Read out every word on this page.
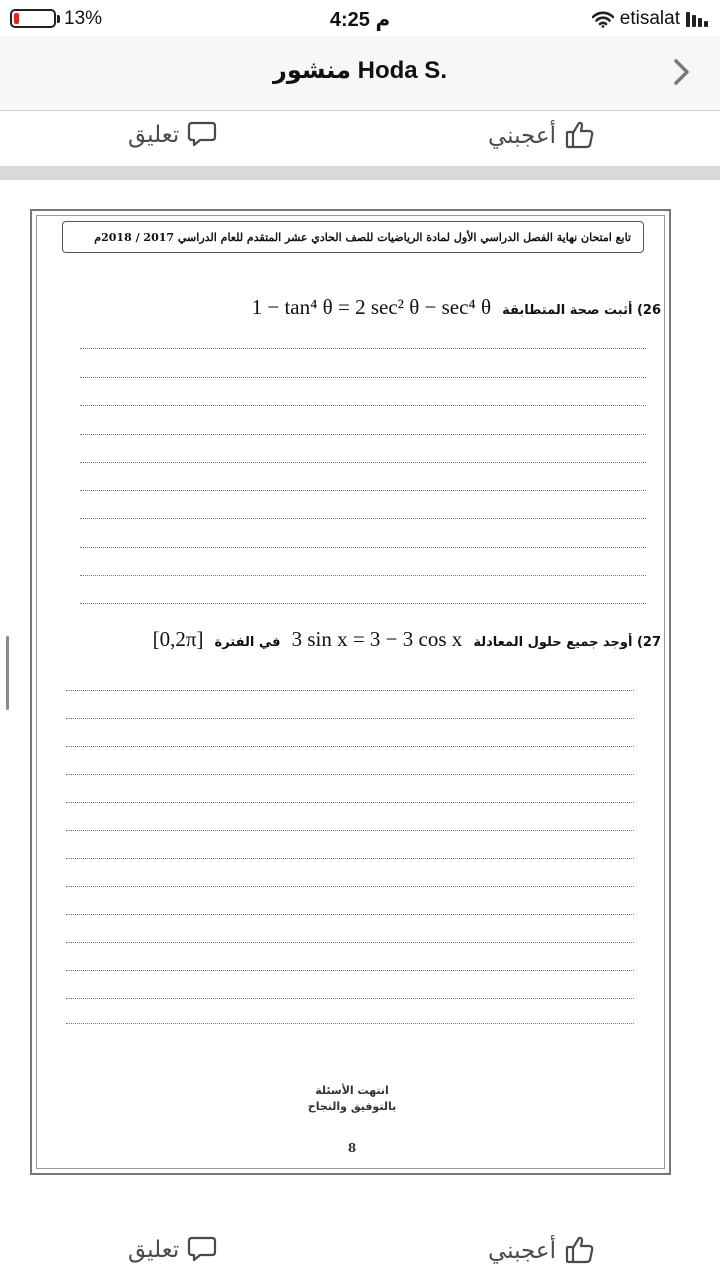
13%	4:25 م	etisalat
منشور Hoda S.
أعجبني
تعليق
تابع امتحان نهاية الفصل الدراسي الأول لمادة الرياضيات للصف الحادي عشر المتقدم للعام الدراسي 2017 / 2018م
26) أثبت صحة المتطابقة 1 − tan⁴ θ = 2 sec² θ − sec⁴ θ
27) أوجد جميع حلول المعادلة 3 sin x = 3 − 3 cos x في الفترة [0,2π]
انتهت الأسئلة
بالتوفيق والنجاح
8
أعجبني
تعليق
